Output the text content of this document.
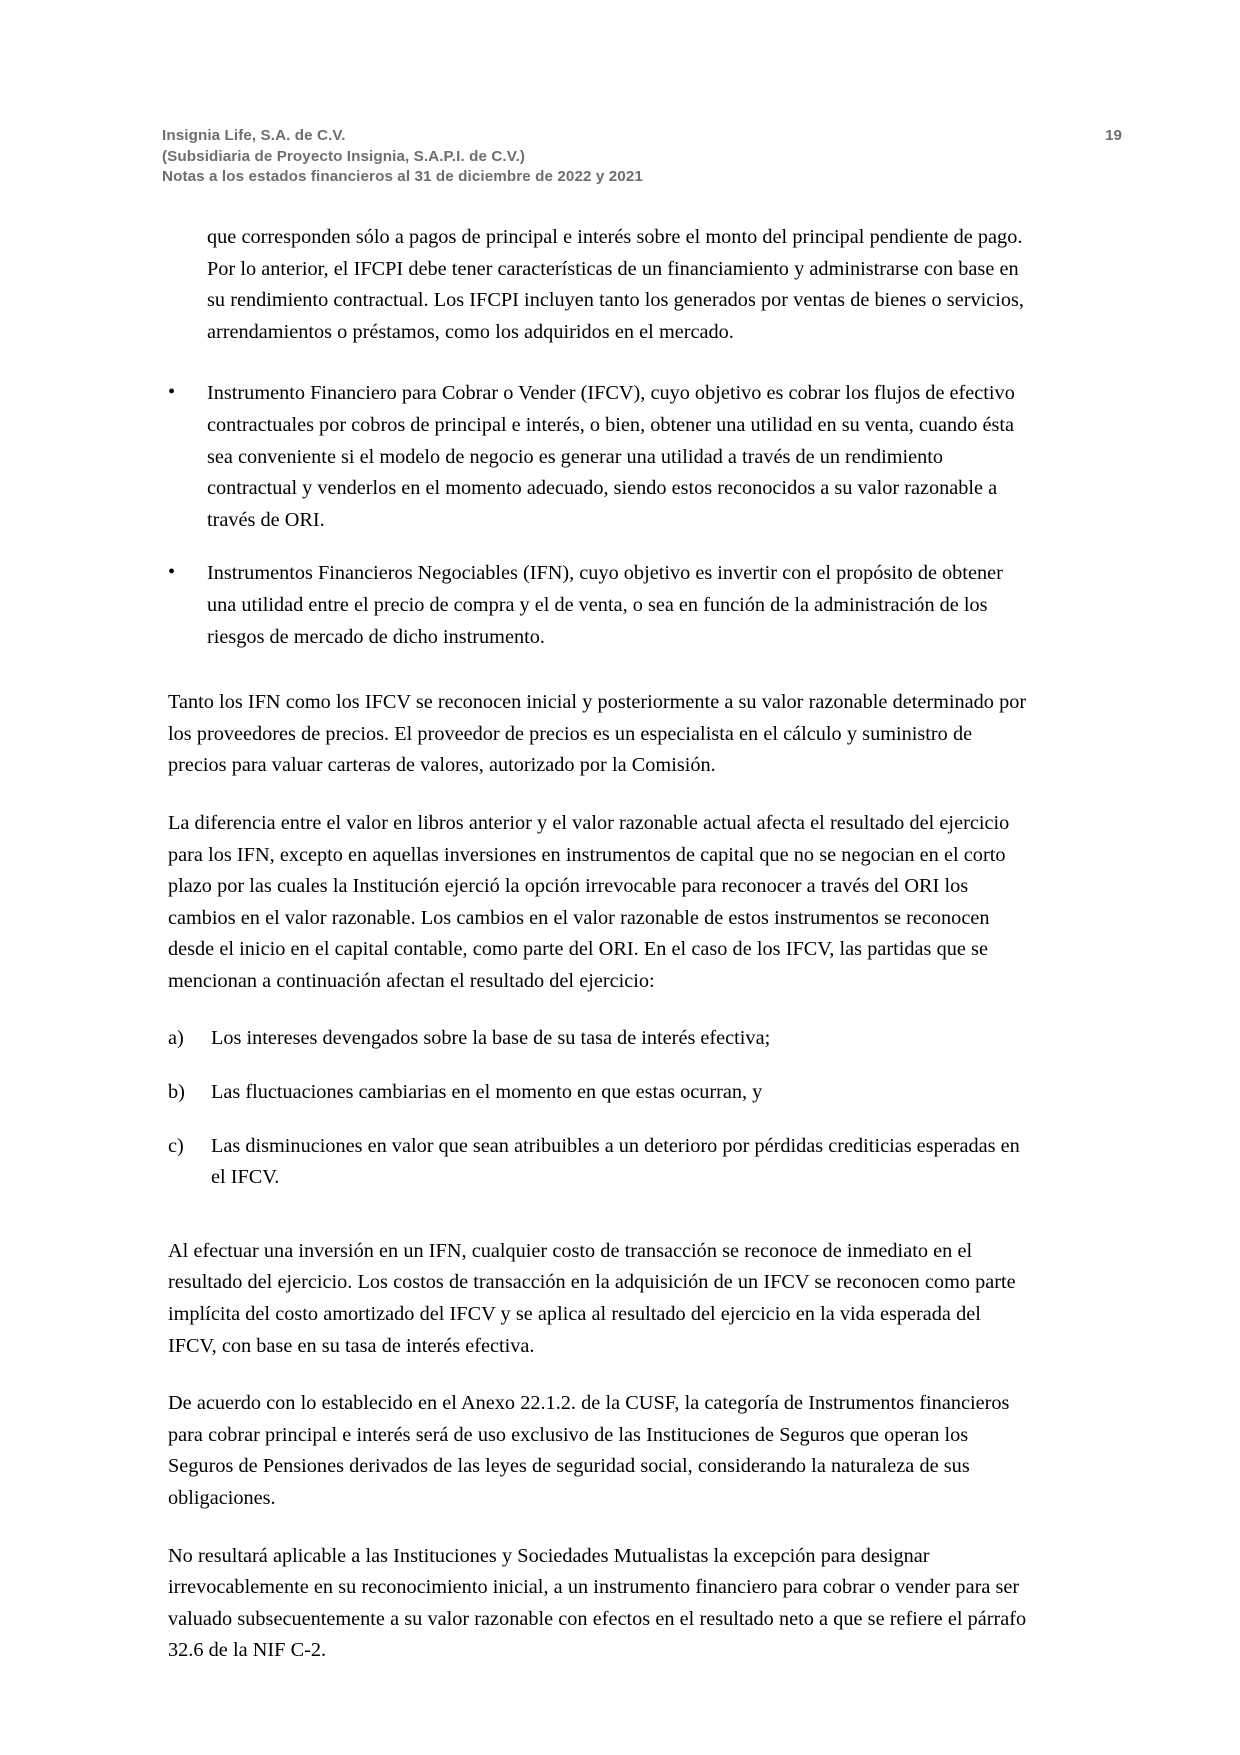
Insignia Life, S.A. de C.V.
(Subsidiaria de Proyecto Insignia, S.A.P.I. de C.V.)
Notas a los estados financieros al 31 de diciembre de 2022 y 2021
19

que corresponden sólo a pagos de principal e interés sobre el monto del principal pendiente de pago. Por lo anterior, el IFCPI debe tener características de un financiamiento y administrarse con base en su rendimiento contractual. Los IFCPI incluyen tanto los generados por ventas de bienes o servicios, arrendamientos o préstamos, como los adquiridos en el mercado.

• Instrumento Financiero para Cobrar o Vender (IFCV), cuyo objetivo es cobrar los flujos de efectivo contractuales por cobros de principal e interés, o bien, obtener una utilidad en su venta, cuando ésta sea conveniente si el modelo de negocio es generar una utilidad a través de un rendimiento contractual y venderlos en el momento adecuado, siendo estos reconocidos a su valor razonable a través de ORI.
• Instrumentos Financieros Negociables (IFN), cuyo objetivo es invertir con el propósito de obtener una utilidad entre el precio de compra y el de venta, o sea en función de la administración de los riesgos de mercado de dicho instrumento.

Tanto los IFN como los IFCV se reconocen inicial y posteriormente a su valor razonable determinado por los proveedores de precios. El proveedor de precios es un especialista en el cálculo y suministro de precios para valuar carteras de valores, autorizado por la Comisión.

La diferencia entre el valor en libros anterior y el valor razonable actual afecta el resultado del ejercicio para los IFN, excepto en aquellas inversiones en instrumentos de capital que no se negocian en el corto plazo por las cuales la Institución ejerció la opción irrevocable para reconocer a través del ORI los cambios en el valor razonable. Los cambios en el valor razonable de estos instrumentos se reconocen desde el inicio en el capital contable, como parte del ORI. En el caso de los IFCV, las partidas que se mencionan a continuación afectan el resultado del ejercicio:

a) Los intereses devengados sobre la base de su tasa de interés efectiva;
b) Las fluctuaciones cambiarias en el momento en que estas ocurran, y
c) Las disminuciones en valor que sean atribuibles a un deterioro por pérdidas crediticias esperadas en el IFCV.

Al efectuar una inversión en un IFN, cualquier costo de transacción se reconoce de inmediato en el resultado del ejercicio. Los costos de transacción en la adquisición de un IFCV se reconocen como parte implícita del costo amortizado del IFCV y se aplica al resultado del ejercicio en la vida esperada del IFCV, con base en su tasa de interés efectiva.

De acuerdo con lo establecido en el Anexo 22.1.2. de la CUSF, la categoría de Instrumentos financieros para cobrar principal e interés será de uso exclusivo de las Instituciones de Seguros que operan los Seguros de Pensiones derivados de las leyes de seguridad social, considerando la naturaleza de sus obligaciones.

No resultará aplicable a las Instituciones y Sociedades Mutualistas la excepción para designar irrevocablemente en su reconocimiento inicial, a un instrumento financiero para cobrar o vender para ser valuado subsecuentemente a su valor razonable con efectos en el resultado neto a que se refiere el párrafo 32.6 de la NIF C-2.
